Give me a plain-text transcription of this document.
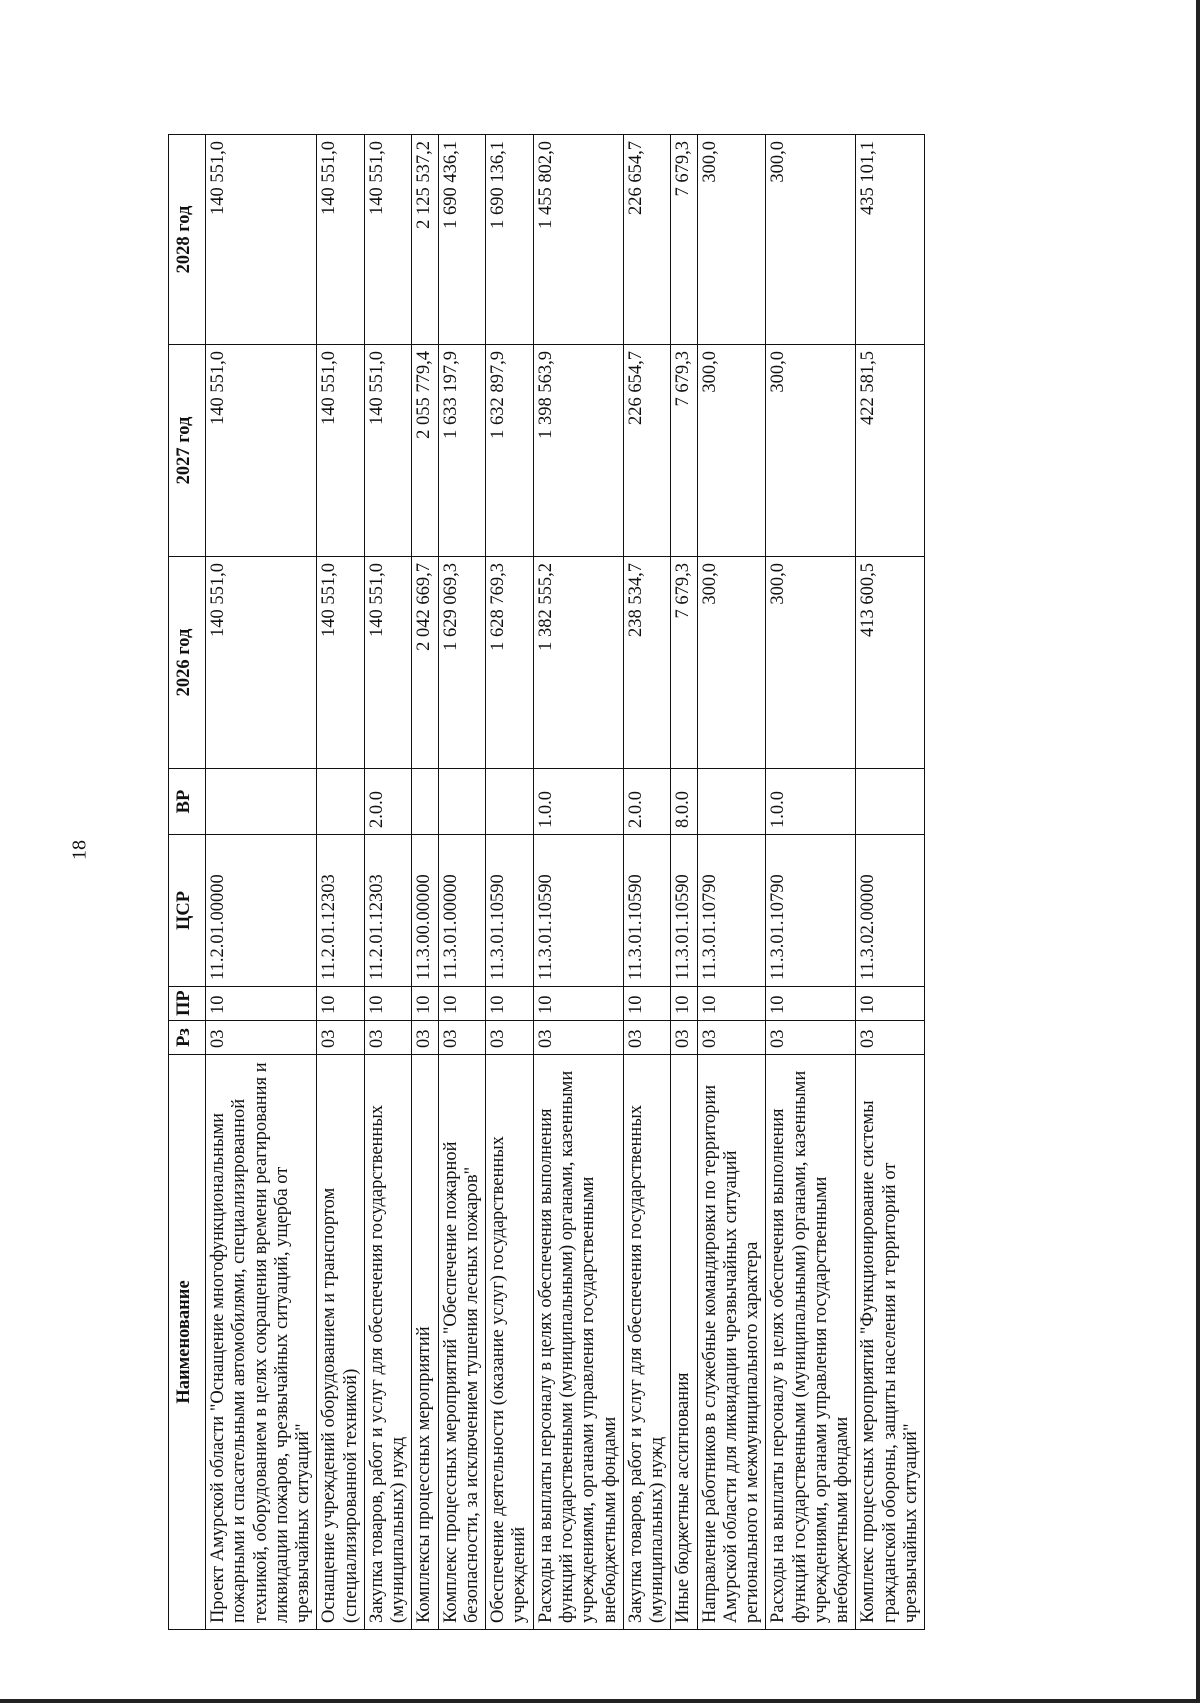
18
Наименование	Рз	ПР	ЦСР	ВР	2026 год	2027 год	2028 год
Проект Амурской области "Оснащение многофункциональными пожарными и спасательными автомобилями, специализированной техникой, оборудованием в целях сокращения времени реагирования и ликвидации пожаров, чрезвычайных ситуаций, ущерба от чрезвычайных ситуаций"	03	10	11.2.01.00000		140 551,0	140 551,0	140 551,0
Оснащение учреждений оборудованием и транспортом (специализированной техникой)	03	10	11.2.01.12303		140 551,0	140 551,0	140 551,0
Закупка товаров, работ и услуг для обеспечения государственных (муниципальных) нужд	03	10	11.2.01.12303	2.0.0	140 551,0	140 551,0	140 551,0
Комплексы процессных мероприятий	03	10	11.3.00.00000		2 042 669,7	2 055 779,4	2 125 537,2
Комплекс процессных мероприятий "Обеспечение пожарной безопасности, за исключением тушения лесных пожаров"	03	10	11.3.01.00000		1 629 069,3	1 633 197,9	1 690 436,1
Обеспечение деятельности (оказание услуг) государственных учреждений	03	10	11.3.01.10590		1 628 769,3	1 632 897,9	1 690 136,1
Расходы на выплаты персоналу в целях обеспечения выполнения функций государственными (муниципальными) органами, казенными учреждениями, органами управления государственными внебюджетными фондами	03	10	11.3.01.10590	1.0.0	1 382 555,2	1 398 563,9	1 455 802,0
Закупка товаров, работ и услуг для обеспечения государственных (муниципальных) нужд	03	10	11.3.01.10590	2.0.0	238 534,7	226 654,7	226 654,7
Иные бюджетные ассигнования	03	10	11.3.01.10590	8.0.0	7 679,3	7 679,3	7 679,3
Направление работников в служебные командировки по территории Амурской области для ликвидации чрезвычайных ситуаций регионального и межмуниципального характера	03	10	11.3.01.10790		300,0	300,0	300,0
Расходы на выплаты персоналу в целях обеспечения выполнения функций государственными (муниципальными) органами, казенными учреждениями, органами управления государственными внебюджетными фондами	03	10	11.3.01.10790	1.0.0	300,0	300,0	300,0
Комплекс процессных мероприятий "Функционирование системы гражданской обороны, защиты населения и территорий от чрезвычайных ситуаций"	03	10	11.3.02.00000		413 600,5	422 581,5	435 101,1
